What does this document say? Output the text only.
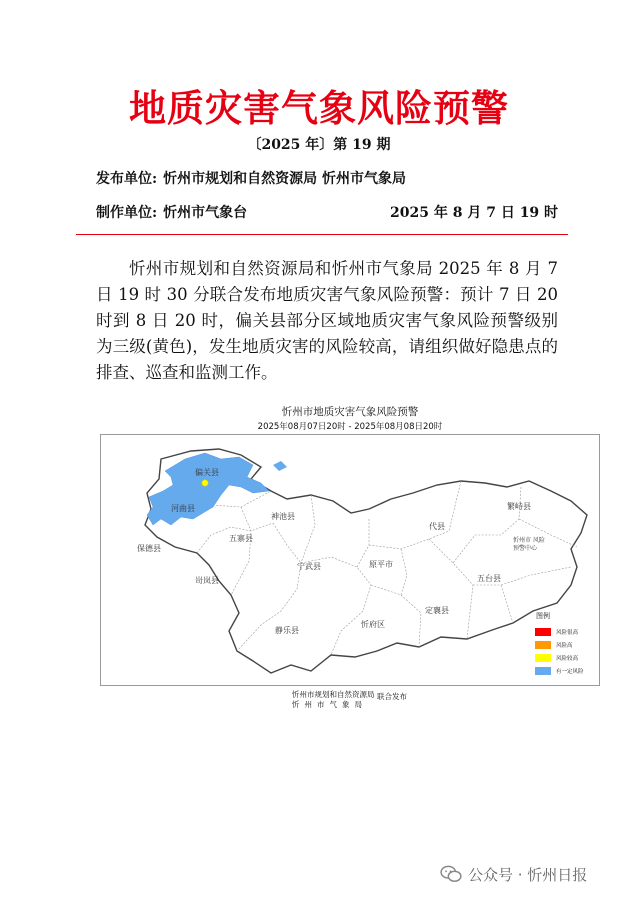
地质灾害气象风险预警
〔2025 年〕第 19 期
发布单位: 忻州市规划和自然资源局 忻州市气象局
制作单位: 忻州市气象台	2025 年 8 月 7 日 19 时
忻州市规划和自然资源局和忻州市气象局 2025 年 8 月 7 日 19 时 30 分联合发布地质灾害气象风险预警：预计 7 日 20 时到 8 日 20 时，偏关县部分区域地质灾害气象风险预警级别为三级(黄色)，发生地质灾害的风险较高，请组织做好隐患点的排查、巡查和监测工作。
忻州市地质灾害气象风险预警
2025年08月07日20时 - 2025年08月08日20时
偏关县
河曲县
神池县
保德县
五寨县
繁峙县
代县
宁武县	原平市
岢岚县	五台县
忻府区
定襄县
静乐县
忻州市 风险预警中心
图例
风险很高
风险高
风险较高
有一定风险
忻州市规划和自然资源局
忻州市气象局
联合发布
公众号 · 忻州日报
